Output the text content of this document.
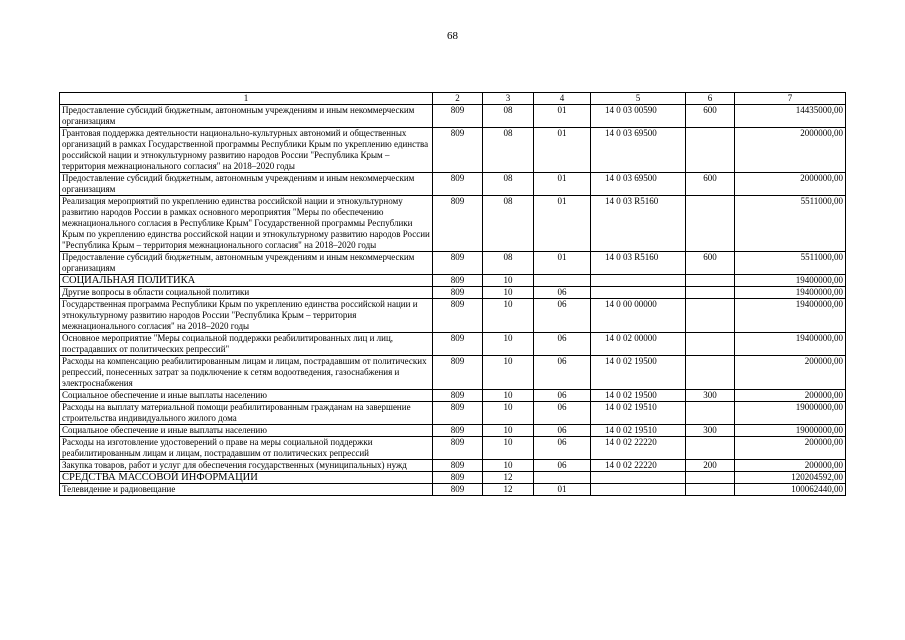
68
1	2	3	4	5	6	7
Предоставление субсидий бюджетным, автономным учреждениям и иным некоммерческим организациям	809	08	01	14 0 03 00590	600	14435000,00
Грантовая поддержка деятельности национально-культурных автономий и общественных организаций в рамках Государственной программы Республики Крым по укреплению единства российской нации и этнокультурному развитию народов России "Республика Крым – территория межнационального согласия" на 2018–2020 годы	809	08	01	14 0 03 69500		2000000,00
Предоставление субсидий бюджетным, автономным учреждениям и иным некоммерческим организациям	809	08	01	14 0 03 69500	600	2000000,00
Реализация мероприятий по укреплению единства российской нации и этнокультурному развитию народов России в рамках основного мероприятия "Меры по обеспечению межнационального согласия в Республике Крым" Государственной программы Республики Крым по укреплению единства российской нации и этнокультурному развитию народов России "Республика Крым – территория межнационального согласия" на 2018–2020 годы	809	08	01	14 0 03 R5160		5511000,00
Предоставление субсидий бюджетным, автономным учреждениям и иным некоммерческим организациям	809	08	01	14 0 03 R5160	600	5511000,00
СОЦИАЛЬНАЯ ПОЛИТИКА	809	10				19400000,00
Другие вопросы в области социальной политики	809	10	06			19400000,00
Государственная программа Республики Крым по укреплению единства российской нации и этнокультурному развитию народов России "Республика Крым – территория межнационального согласия" на 2018–2020 годы	809	10	06	14 0 00 00000		19400000,00
Основное мероприятие "Меры социальной поддержки реабилитированных лиц и лиц, пострадавших от политических репрессий"	809	10	06	14 0 02 00000		19400000,00
Расходы на компенсацию реабилитированным лицам и лицам, пострадавшим от политических репрессий, понесенных затрат за подключение к сетям водоотведения, газоснабжения и электроснабжения	809	10	06	14 0 02 19500		200000,00
Социальное обеспечение и иные выплаты населению	809	10	06	14 0 02 19500	300	200000,00
Расходы на выплату материальной помощи реабилитированным гражданам на завершение строительства индивидуального жилого дома	809	10	06	14 0 02 19510		19000000,00
Социальное обеспечение и иные выплаты населению	809	10	06	14 0 02 19510	300	19000000,00
Расходы на изготовление удостоверений о праве на меры социальной поддержки реабилитированным лицам и лицам, пострадавшим от политических репрессий	809	10	06	14 0 02 22220		200000,00
Закупка товаров, работ и услуг для обеспечения государственных (муниципальных) нужд	809	10	06	14 0 02 22220	200	200000,00
СРЕДСТВА МАССОВОЙ ИНФОРМАЦИИ	809	12				120204592,00
Телевидение и радиовещание	809	12	01			100062440,00
